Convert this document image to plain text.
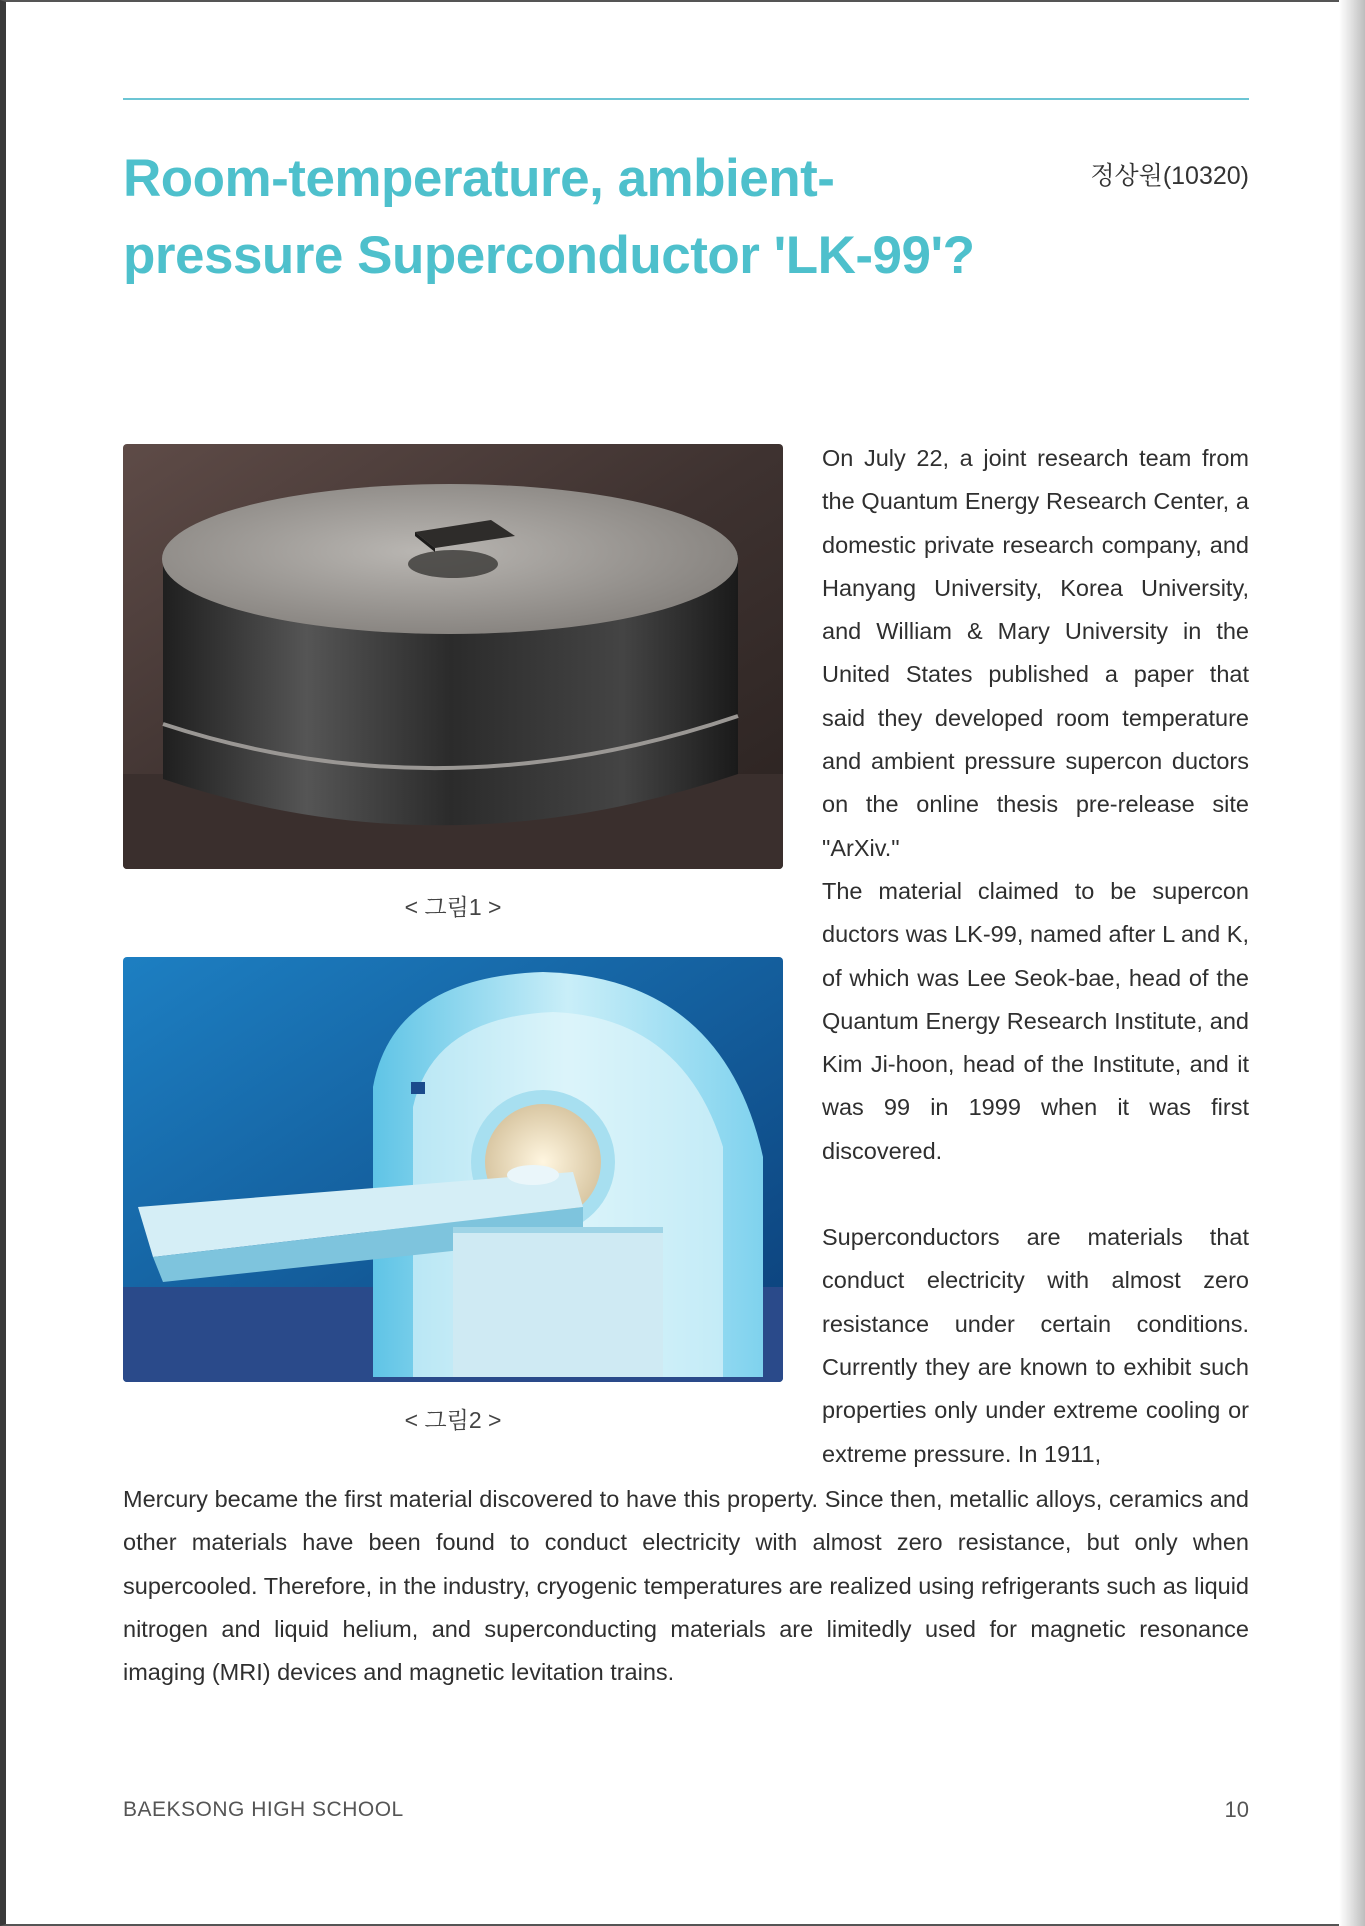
Room-temperature, ambient-pressure Superconductor 'LK-99'?
정상원(10320)
< 그림1 >
< 그림2 >

On July 22, a joint research team from the Quantum Energy Research Center, a domestic private research company, and Hanyang University, Korea University, and William & Mary University in the United States published a paper that said they developed room temperature and ambient pressure supercon ductors on the online thesis pre-release site "ArXiv."

The material claimed to be supercon ductors was LK-99, named after L and K, of which was Lee Seok-bae, head of the Quantum Energy Research Institute, and Kim Ji-hoon, head of the Institute, and it was 99 in 1999 when it was first discovered.

Superconductors are materials that conduct electricity with almost zero resistance under certain conditions. Currently they are known to exhibit such properties only under extreme cooling or extreme pressure. In 1911,

Mercury became the first material discovered to have this property. Since then, metallic alloys, ceramics and other materials have been found to conduct electricity with almost zero resistance, but only when supercooled. Therefore, in the industry, cryogenic temperatures are realized using refrigerants such as liquid nitrogen and liquid helium, and superconducting materials are limitedly used for magnetic resonance imaging (MRI) devices and magnetic levitation trains.

BAEKSONG HIGH SCHOOL	10
